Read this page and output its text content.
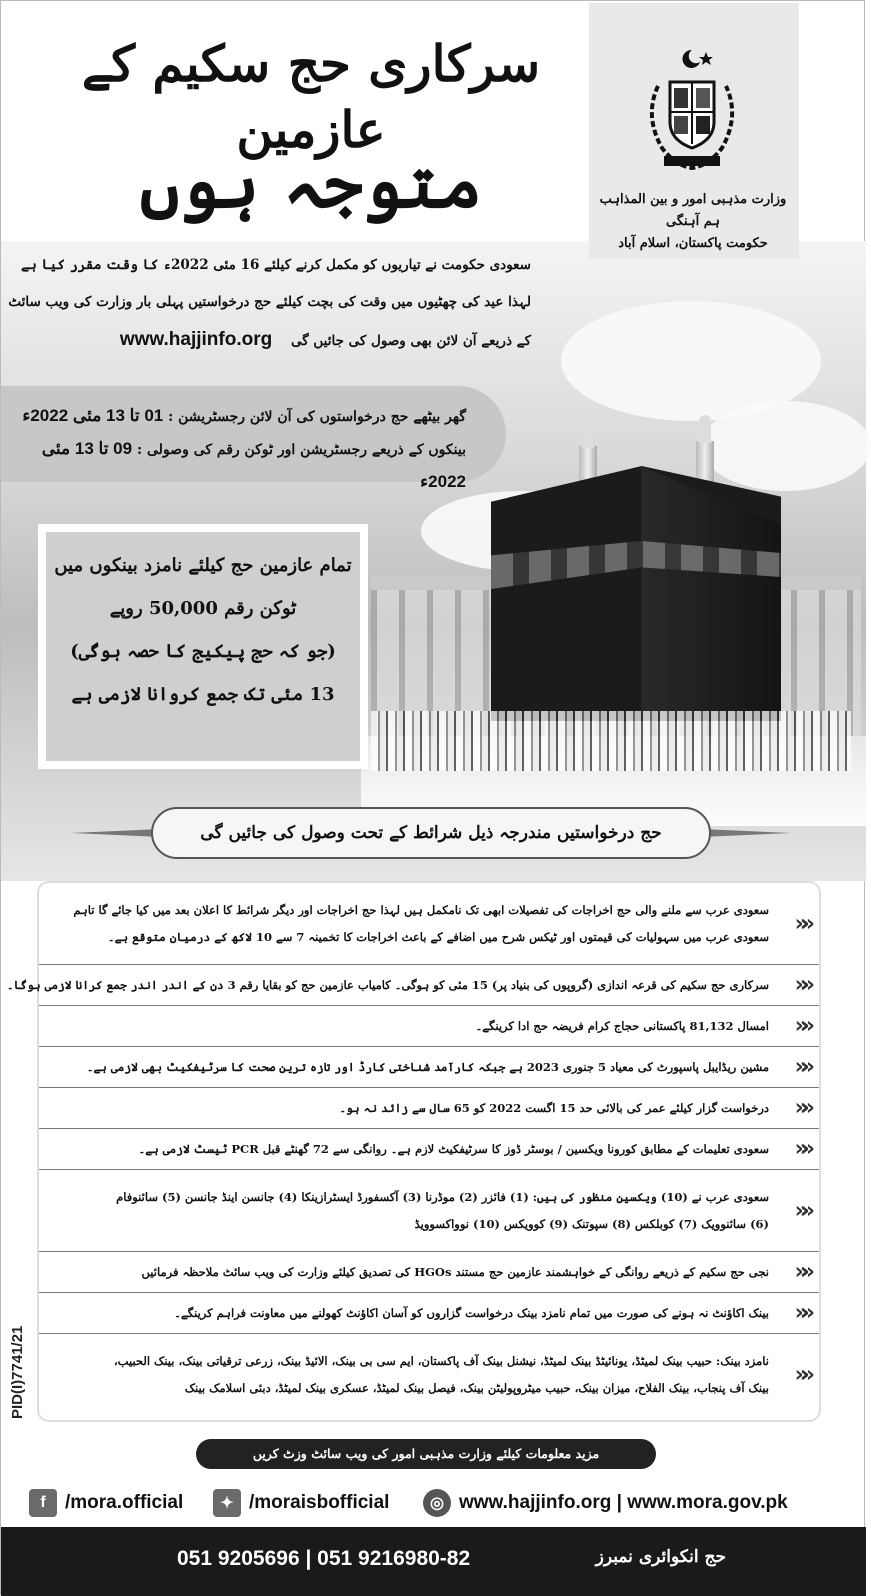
وزارت مذہبی امور و بین المذاہب ہم آہنگی
حکومت پاکستان، اسلام آباد
سرکاری حج سکیم کے عازمین
متوجہ ہوں
سعودی حکومت نے تیاریوں کو مکمل کرنے کیلئے 16 مئی 2022ء کا وقت مقرر کیا ہے
لہذا عید کی چھٹیوں میں وقت کی بچت کیلئے حج درخواستیں پہلی بار وزارت کی ویب سائٹ
کے ذریعے آن لائن بھی وصول کی جائیں گی    www.hajjinfo.org
گھر بیٹھے حج درخواستوں کی آن لائن رجسٹریشن : 01 تا 13 مئی 2022ء
بینکوں کے ذریعے رجسٹریشن اور ٹوکن رقم کی وصولی : 09 تا 13 مئی 2022ء
تمام عازمین حج کیلئے نامزد بینکوں میں
ٹوکن رقم 50,000 روپے
(جو کہ حج پیکیج کا حصہ ہوگی)
13 مئی تک جمع کروانا لازمی ہے
حج درخواستیں مندرجہ ذیل شرائط کے تحت وصول کی جائیں گی
««
سعودی عرب سے ملنے والی حج اخراجات کی تفصیلات ابھی تک نامکمل ہیں لہذا حج اخراجات اور دیگر شرائط کا اعلان بعد میں کیا جائے گا تاہم
سعودی عرب میں سہولیات کی قیمتوں اور ٹیکس شرح میں اضافے کے باعث اخراجات کا تخمینہ 7 سے 10 لاکھ کے درمیان متوقع ہے۔
««
سرکاری حج سکیم کی قرعہ اندازی (گروپوں کی بنیاد پر) 15 مئی کو ہوگی۔ کامیاب عازمین حج کو بقایا رقم 3 دن کے اندر اندر جمع کرانا لازمی ہوگا۔
««
امسال 81,132 پاکستانی حجاج کرام فریضہ حج ادا کرینگے۔
««
مشین ریڈایبل پاسپورٹ کی معیاد 5 جنوری 2023 ہے جبکہ کارآمد شناختی کارڈ اور تازہ ترین صحت کا سرٹیفکیٹ بھی لازمی ہے۔
««
درخواست گزار کیلئے عمر کی بالائی حد 15 اگست 2022 کو 65 سال سے زائد نہ ہو۔
««
سعودی تعلیمات کے مطابق کورونا ویکسین / بوسٹر ڈوز کا سرٹیفکیٹ لازم ہے۔ روانگی سے 72 گھنٹے قبل PCR ٹیسٹ لازمی ہے۔
««
سعودی عرب نے (10) ویکسین منظور کی ہیں: (1) فائزر (2) موڈرنا (3) آکسفورڈ ایسٹرازینکا (4) جانسن اینڈ جانسن (5) سائنوفام
(6) سائنوویک (7) کوبلکس (8) سپوتنک (9) کوویکس (10) نوواکسوویڈ
««
نجی حج سکیم کے ذریعے روانگی کے خواہشمند عازمین حج مستند HGOs کی تصدیق کیلئے وزارت کی ویب سائٹ ملاحظہ فرمائیں
««
بینک اکاؤنٹ نہ ہونے کی صورت میں تمام نامزد بینک درخواست گزاروں کو آسان اکاؤنٹ کھولنے میں معاونت فراہم کرینگے۔
««
نامزد بینک: حبیب بینک لمیٹڈ، یونائیٹڈ بینک لمیٹڈ، نیشنل بینک آف پاکستان، ایم سی بی بینک، الائیڈ بینک، زرعی ترقیاتی بینک، بینک الحبیب،
بینک آف پنجاب، بینک الفلاح، میزان بینک، حبیب میٹروپولیٹن بینک، فیصل بینک لمیٹڈ، عسکری بینک لمیٹڈ، دبئی اسلامک بینک
PID(I)7741/21
مزید معلومات کیلئے وزارت مذہبی امور کی ویب سائٹ وزٹ کریں
f	/mora.official	✦ /moraisbofficial	◎ www.hajjinfo.org | www.mora.gov.pk
051 9205696 | 051 9216980-82	حج انکوائری نمبرز
